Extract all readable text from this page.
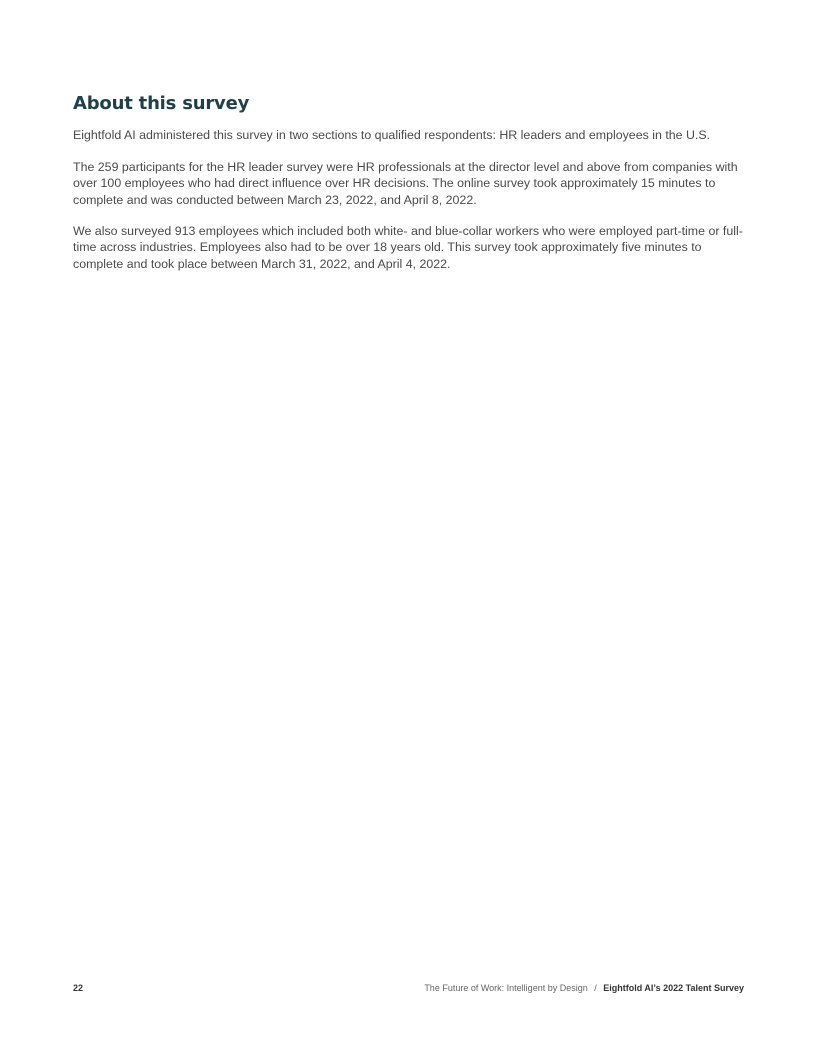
About this survey

Eightfold AI administered this survey in two sections to qualified respondents: HR leaders and employees in the U.S.

The 259 participants for the HR leader survey were HR professionals at the director level and above from companies with over 100 employees who had direct influence over HR decisions. The online survey took approximately 15 minutes to complete and was conducted between March 23, 2022, and April 8, 2022.

We also surveyed 913 employees which included both white- and blue-collar workers who were employed part-time or full-time across industries. Employees also had to be over 18 years old. This survey took approximately five minutes to complete and took place between March 31, 2022, and April 4, 2022.

22	The Future of Work: Intelligent by Design / Eightfold AI’s 2022 Talent Survey
